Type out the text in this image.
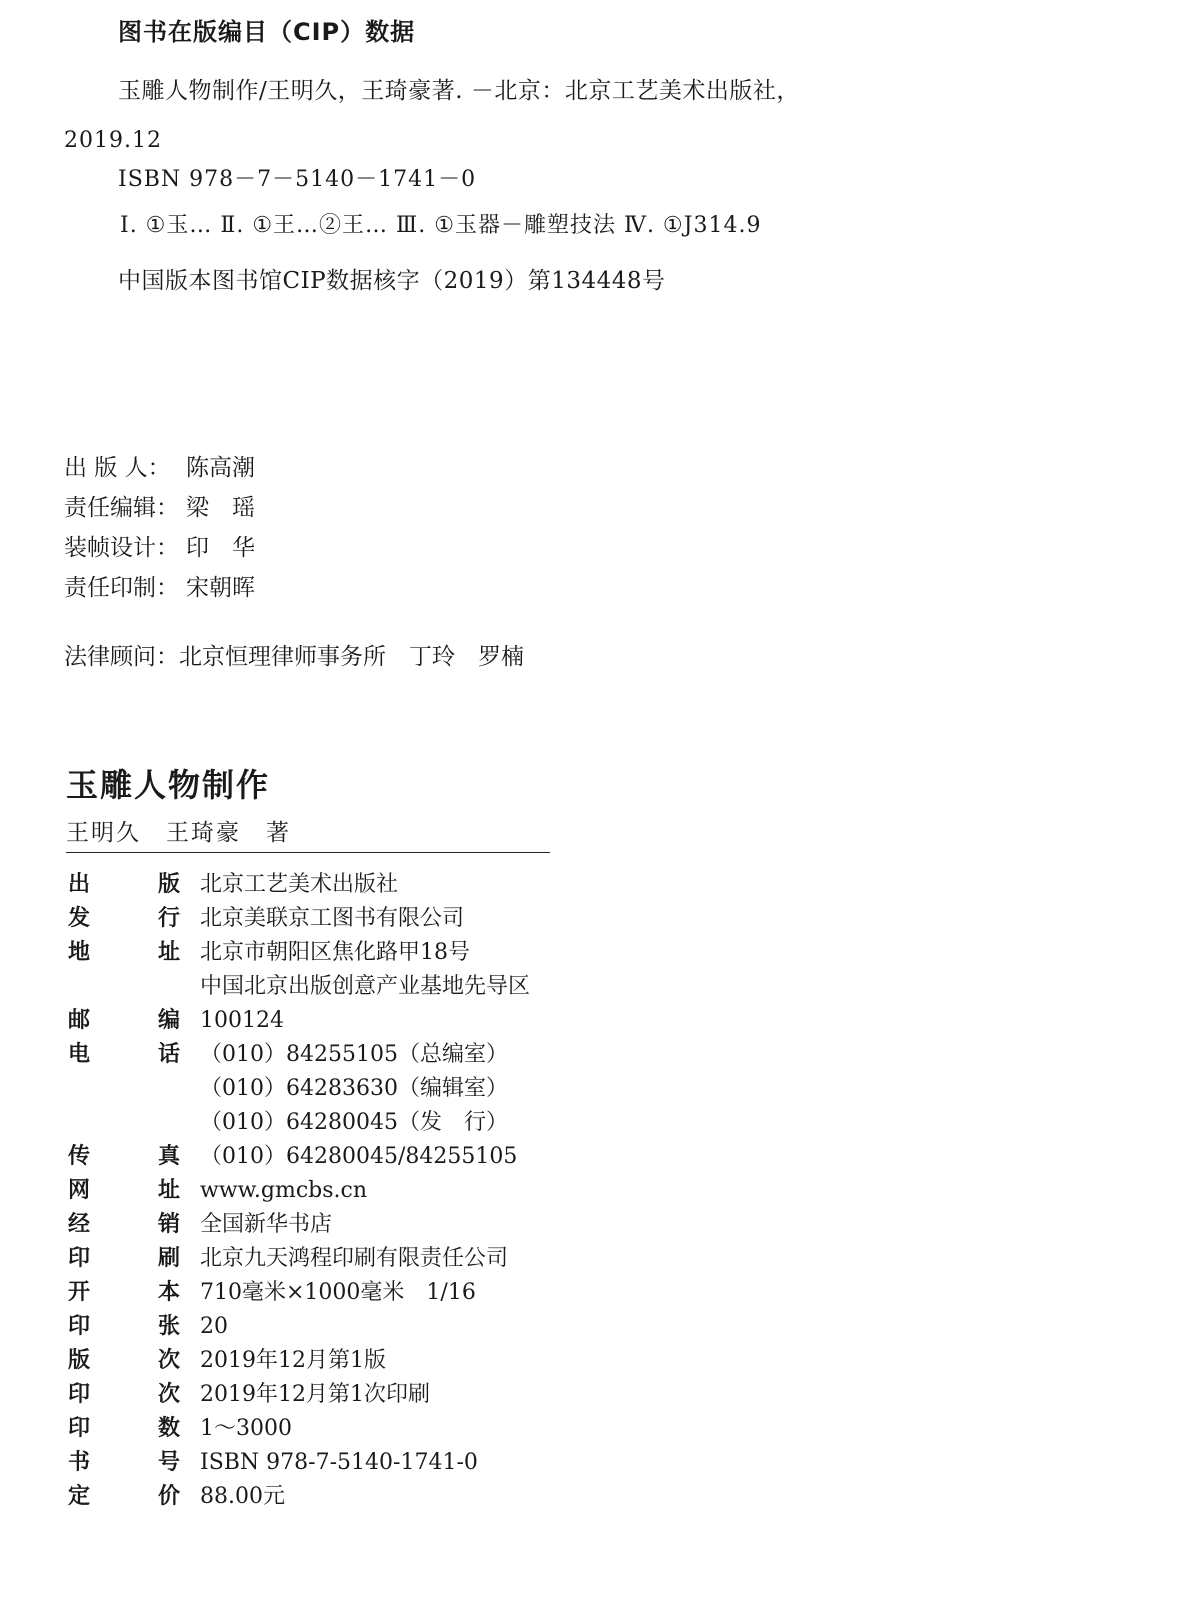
图书在版编目（CIP）数据
玉雕人物制作/王明久，王琦豪著. －北京：北京工艺美术出版社，
2019.12
ISBN 978－7－5140－1741－0
Ⅰ. ①玉… Ⅱ. ①王…②王… Ⅲ. ①玉器－雕塑技法 Ⅳ. ①J314.9
中国版本图书馆CIP数据核字（2019）第134448号
出 版 人： 陈高潮
责任编辑： 梁　瑶
装帧设计： 印　华
责任印制： 宋朝晖
法律顾问：北京恒理律师事务所　丁玲　罗楠
玉雕人物制作
王明久　王琦豪　著
出	版 北京工艺美术出版社
发	行 北京美联京工图书有限公司
地	址 北京市朝阳区焦化路甲18号
中国北京出版创意产业基地先导区
邮	编 100124
电	话 （010）84255105（总编室）
（010）64283630（编辑室）
（010）64280045（发　行）
传	真 （010）64280045/84255105
网	址 www.gmcbs.cn
经	销 全国新华书店
印	刷 北京九天鸿程印刷有限责任公司
开	本 710毫米×1000毫米　1/16
印	张 20
版	次 2019年12月第1版
印	次 2019年12月第1次印刷
印	数 1～3000
书	号 ISBN 978-7-5140-1741-0
定	价 88.00元
